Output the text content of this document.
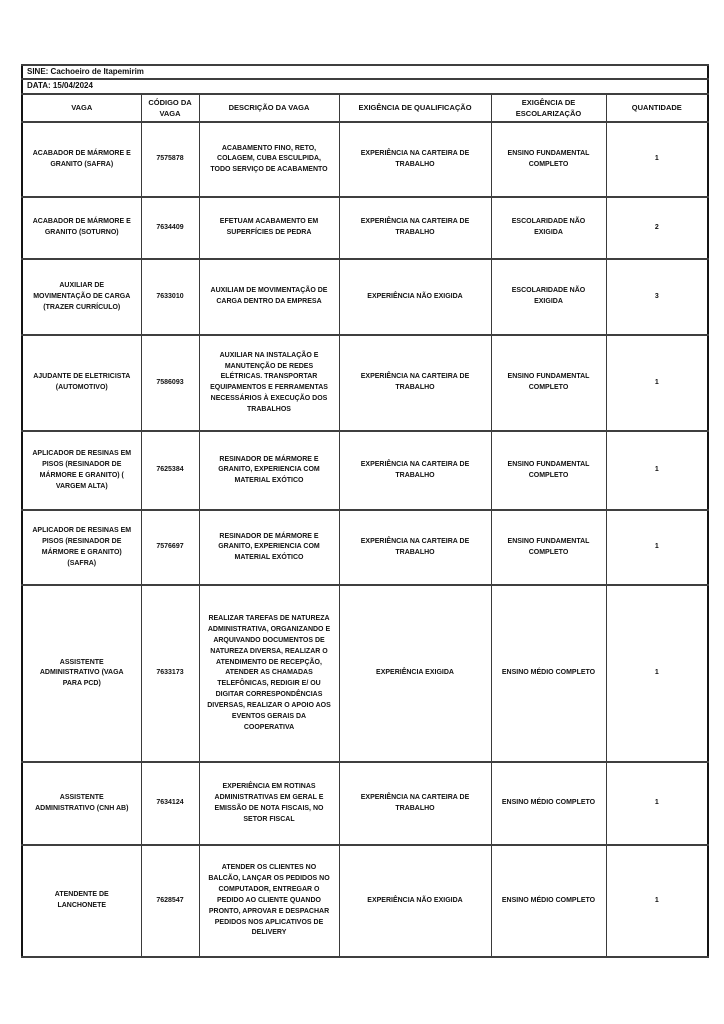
SINE: Cachoeiro de Itapemirim					
DATA: 15/04/2024					
VAGA	CÓDIGO DA VAGA	DESCRIÇÃO DA VAGA	EXIGÊNCIA DE QUALIFICAÇÃO	EXIGÊNCIA DE ESCOLARIZAÇÃO	QUANTIDADE
ACABADOR DE MÁRMORE E GRANITO (SAFRA)	7575878	ACABAMENTO FINO, RETO, COLAGEM, CUBA ESCULPIDA, TODO SERVIÇO DE ACABAMENTO	EXPERIÊNCIA NA CARTEIRA DE TRABALHO	ENSINO FUNDAMENTAL COMPLETO	1
ACABADOR DE MÁRMORE E GRANITO (SOTURNO)	7634409	EFETUAM ACABAMENTO EM SUPERFÍCIES DE PEDRA	EXPERIÊNCIA NA CARTEIRA DE TRABALHO	ESCOLARIDADE NÃO EXIGIDA	2
AUXILIAR DE MOVIMENTAÇÃO DE CARGA (TRAZER CURRÍCULO)	7633010	AUXILIAM DE MOVIMENTAÇÃO DE CARGA DENTRO DA EMPRESA	EXPERIÊNCIA NÃO EXIGIDA	ESCOLARIDADE NÃO EXIGIDA	3
AJUDANTE DE ELETRICISTA (AUTOMOTIVO)	7586093	AUXILIAR NA INSTALAÇÃO E MANUTENÇÃO DE REDES ELÉTRICAS. TRANSPORTAR EQUIPAMENTOS E FERRAMENTAS NECESSÁRIOS À EXECUÇÃO DOS TRABALHOS	EXPERIÊNCIA NA CARTEIRA DE TRABALHO	ENSINO FUNDAMENTAL COMPLETO	1
APLICADOR DE RESINAS EM PISOS (RESINADOR DE MÁRMORE E GRANITO) ( VARGEM ALTA)	7625384	RESINADOR DE MÁRMORE E GRANITO, EXPERIENCIA COM MATERIAL EXÓTICO	EXPERIÊNCIA NA CARTEIRA DE TRABALHO	ENSINO FUNDAMENTAL COMPLETO	1
APLICADOR DE RESINAS EM PISOS (RESINADOR DE MÁRMORE E GRANITO) (SAFRA)	7576697	RESINADOR DE MÁRMORE E GRANITO, EXPERIENCIA COM MATERIAL EXÓTICO	EXPERIÊNCIA NA CARTEIRA DE TRABALHO	ENSINO FUNDAMENTAL COMPLETO	1
ASSISTENTE ADMINISTRATIVO (VAGA PARA PCD)	7633173	REALIZAR TAREFAS DE NATUREZA ADMINISTRATIVA, ORGANIZANDO E ARQUIVANDO DOCUMENTOS DE NATUREZA DIVERSA, REALIZAR O ATENDIMENTO DE RECEPÇÃO, ATENDER AS CHAMADAS TELEFÔNICAS, REDIGIR E/ OU DIGITAR CORRESPONDÊNCIAS DIVERSAS, REALIZAR O APOIO AOS EVENTOS GERAIS DA COOPERATIVA	EXPERIÊNCIA EXIGIDA	ENSINO MÉDIO COMPLETO	1
ASSISTENTE ADMINISTRATIVO (CNH AB)	7634124	EXPERIÊNCIA EM ROTINAS ADMINISTRATIVAS EM GERAL E EMISSÃO DE NOTA FISCAIS, NO SETOR FISCAL	EXPERIÊNCIA NA CARTEIRA DE TRABALHO	ENSINO MÉDIO COMPLETO	1
ATENDENTE DE LANCHONETE	7628547	ATENDER OS CLIENTES NO BALCÃO, LANÇAR OS PEDIDOS NO COMPUTADOR, ENTREGAR O PEDIDO AO CLIENTE QUANDO PRONTO, APROVAR E DESPACHAR PEDIDOS NOS APLICATIVOS DE DELIVERY	EXPERIÊNCIA NÃO EXIGIDA	ENSINO MÉDIO COMPLETO	1
